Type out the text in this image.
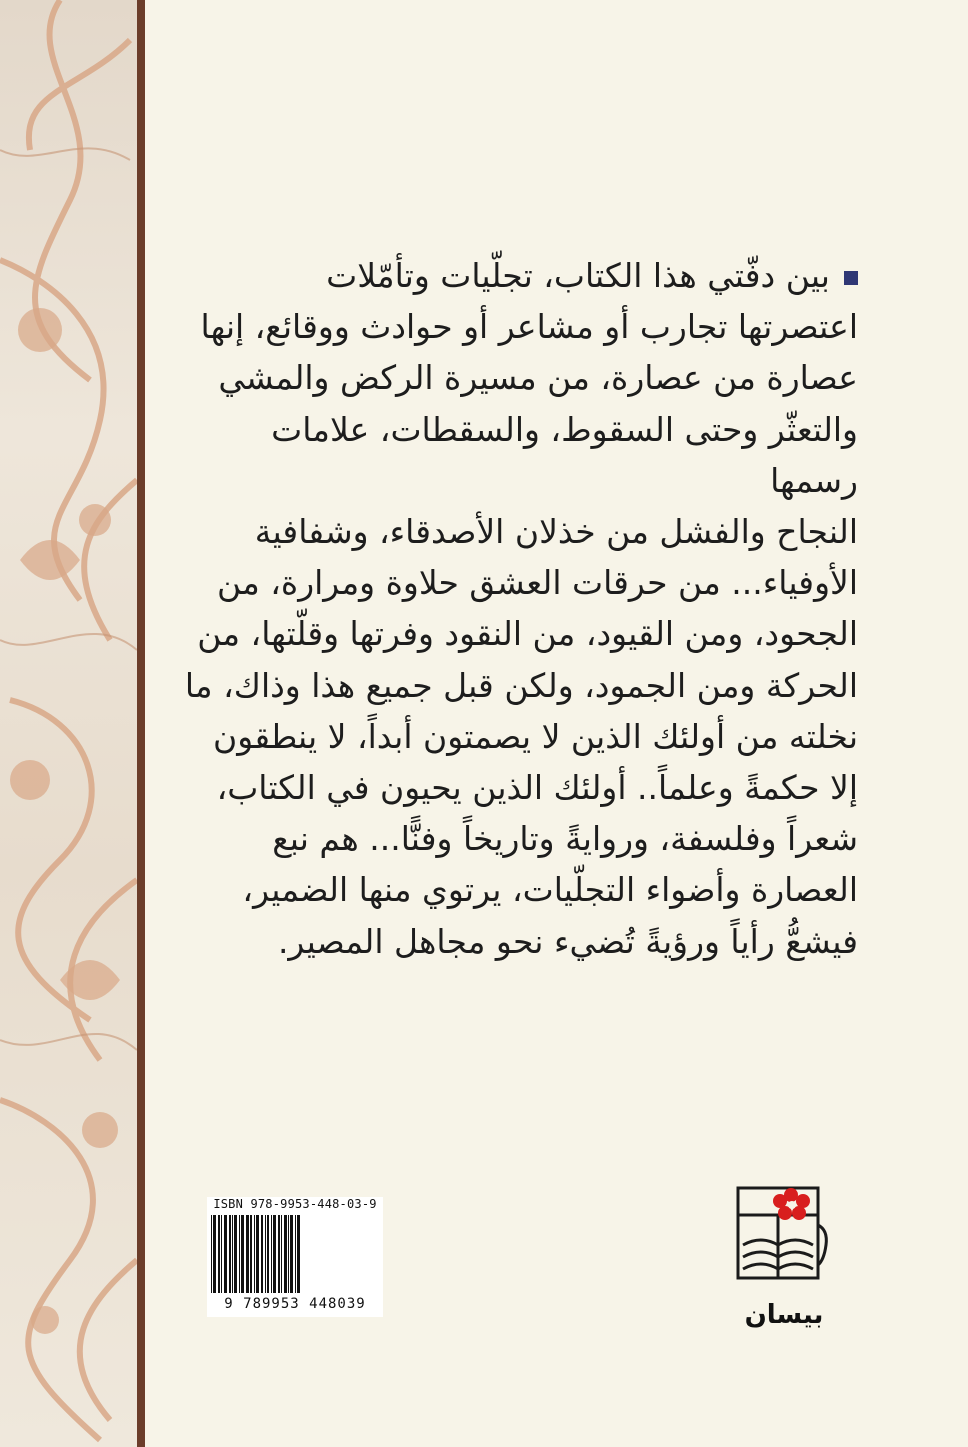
بين دفّتي هذا الكتاب، تجلّيات وتأمّلات
اعتصرتها تجارب أو مشاعر أو حوادث ووقائع، إنها
عصارة من عصارة، من مسيرة الركض والمشي
والتعثّر وحتى السقوط، والسقطات، علامات رسمها
النجاح والفشل من خذلان الأصدقاء، وشفافية
الأوفياء... من حرقات العشق حلاوة ومرارة، من
الجحود، ومن القيود، من النقود وفرتها وقلّتها، من
الحركة ومن الجمود، ولكن قبل جميع هذا وذاك، ما
نخلته من أولئك الذين لا يصمتون أبداً، لا ينطقون
إلا حكمةً وعلماً.. أولئك الذين يحيون في الكتاب،
شعراً وفلسفة، وروايةً وتاريخاً وفنًّا... هم نبع
العصارة وأضواء التجلّيات، يرتوي منها الضمير،
فيشعُّ رأياً ورؤيةً تُضيء نحو مجاهل المصير.
ISBN 978-9953-448-03-9
9 789953 448039	بيسان
